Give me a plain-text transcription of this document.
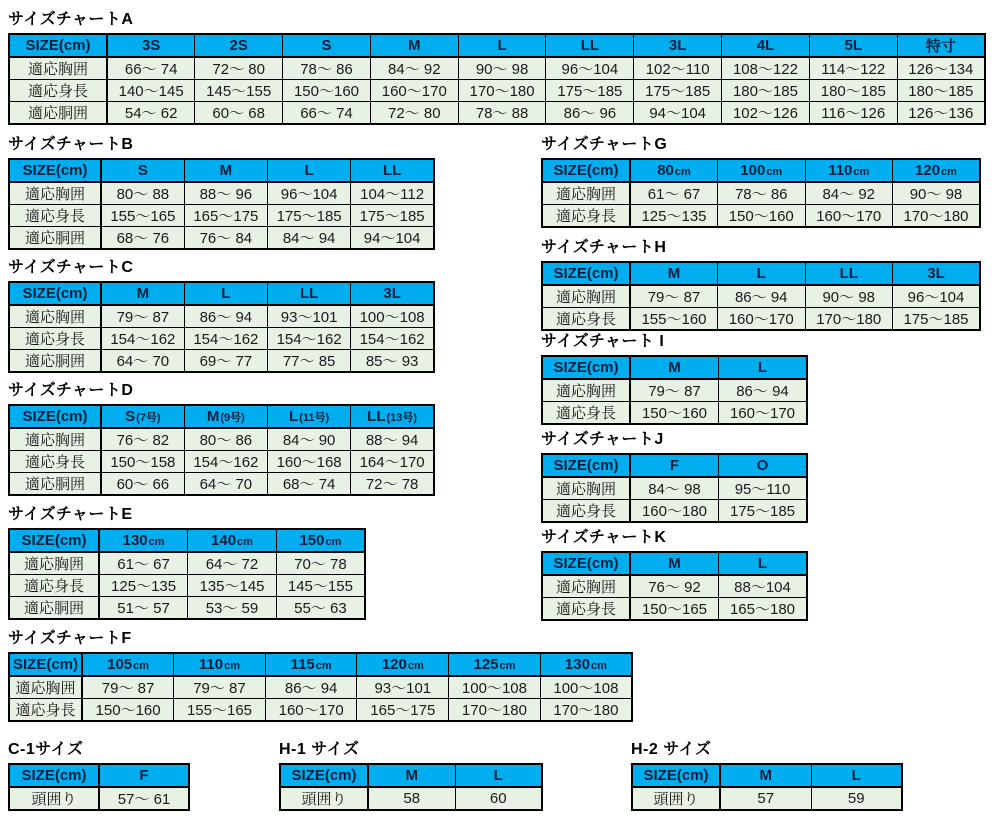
サイズチャートA
SIZE(cm)	3S	2S	S	M	L	LL	3L	4L	5L	特寸
適応胸囲	66〜 74	72〜 80	78〜 86	84〜 92	90〜 98	96〜104	102〜110	108〜122	114〜122	126〜134
適応身長	140〜145	145〜155	150〜160	160〜170	170〜180	175〜185	175〜185	180〜185	180〜185	180〜185
適応胴囲	54〜 62	60〜 68	66〜 74	72〜 80	78〜 88	86〜 96	94〜104	102〜126	116〜126	126〜136
サイズチャートB
SIZE(cm)	S	M	L	LL
適応胸囲	80〜 88	88〜 96	96〜104	104〜112
適応身長	155〜165	165〜175	175〜185	175〜185
適応胴囲	68〜 76	76〜 84	84〜 94	94〜104
サイズチャートC
SIZE(cm)	M	L	LL	3L
適応胸囲	79〜 87	86〜 94	93〜101	100〜108
適応身長	154〜162	154〜162	154〜162	154〜162
適応胴囲	64〜 70	69〜 77	77〜 85	85〜 93
サイズチャートD
SIZE(cm)	S(7号)	M(9号)	L(11号)	LL(13号)
適応胸囲	76〜 82	80〜 86	84〜 90	88〜 94
適応身長	150〜158	154〜162	160〜168	164〜170
適応胴囲	60〜 66	64〜 70	68〜 74	72〜 78
サイズチャートE
SIZE(cm)	130cm	140cm	150cm
適応胸囲	61〜 67	64〜 72	70〜 78
適応身長	125〜135	135〜145	145〜155
適応胴囲	51〜 57	53〜 59	55〜 63
サイズチャートF
SIZE(cm)	105cm	110cm	115cm	120cm	125cm	130cm
適応胸囲	79〜 87	79〜 87	86〜 94	93〜101	100〜108	100〜108
適応身長	150〜160	155〜165	160〜170	165〜175	170〜180	170〜180
サイズチャートG
SIZE(cm)	80cm	100cm	110cm	120cm
適応胸囲	61〜 67	78〜 86	84〜 92	90〜 98
適応身長	125〜135	150〜160	160〜170	170〜180
サイズチャートH
SIZE(cm)	M	L	LL	3L
適応胸囲	79〜 87	86〜 94	90〜 98	96〜104
適応身長	155〜160	160〜170	170〜180	175〜185
サイズチャート I
SIZE(cm)	M	L
適応胸囲	79〜 87	86〜 94
適応身長	150〜160	160〜170
サイズチャートJ
SIZE(cm)	F	O
適応胸囲	84〜 98	95〜110
適応身長	160〜180	175〜185
サイズチャートK
SIZE(cm)	M	L
適応胸囲	76〜 92	88〜104
適応身長	150〜165	165〜180
C-1サイズ
SIZE(cm)	F
頭囲り	57〜 61
H-1 サイズ
SIZE(cm)	M	L
頭囲り	58	60
H-2 サイズ
SIZE(cm)	M	L
頭囲り	57	59
